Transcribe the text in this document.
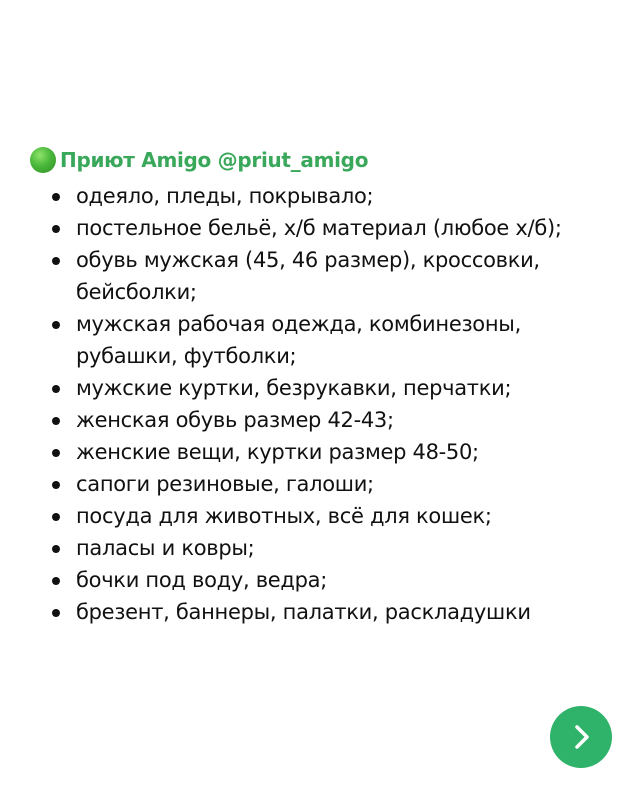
Приют Amigo @priut_amigo
одеяло, пледы, покрывало;
постельное бельё, х/б материал (любое х/б);
обувь мужская (45, 46 размер), кроссовки, бейсболки;
мужская рабочая одежда, комбинезоны, рубашки, футболки;
мужские куртки, безрукавки, перчатки;
женская обувь размер 42-43;
женские вещи, куртки размер 48-50;
сапоги резиновые, галоши;
посуда для животных, всё для кошек;
паласы и ковры;
бочки под воду, ведра;
брезент, баннеры, палатки, раскладушки
